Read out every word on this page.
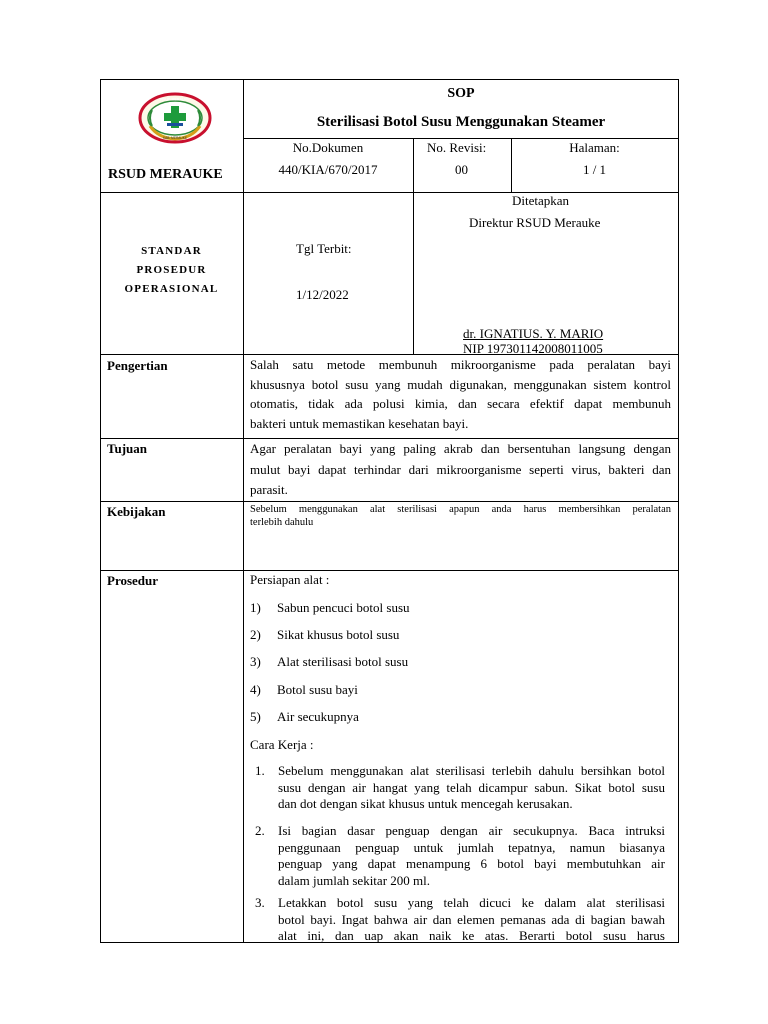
RSUD MERAUKE
KAB. MERAUKE
RSUD MERAUKE
SOP
Sterilisasi Botol Susu Menggunakan Steamer
No.Dokumen
440/KIA/670/2017
No. Revisi:
00
Halaman:
1 / 1
STANDAR
PROSEDUR
OPERASIONAL
Tgl Terbit:
1/12/2022
Ditetapkan
Direktur RSUD Merauke
dr. IGNATIUS. Y. MARIO
NIP 197301142008011005
Pengertian	Salah satu metode membunuh mikroorganisme pada peralatan bayi
khususnya botol susu yang mudah digunakan, menggunakan sistem kontrol
otomatis, tidak ada polusi kimia, dan secara efektif dapat membunuh
bakteri untuk memastikan kesehatan bayi.
Tujuan	Agar peralatan bayi yang paling akrab dan bersentuhan langsung dengan
mulut bayi dapat terhindar dari mikroorganisme seperti virus, bakteri dan
parasit.
Kebijakan	Sebelum menggunakan alat sterilisasi apapun anda harus membersihkan peralatan
terlebih dahulu
Prosedur	Persiapan alat :
1) Sabun pencuci botol susu
2) Sikat khusus botol susu
3) Alat sterilisasi botol susu
4) Botol susu bayi
5) Air secukupnya
Cara Kerja :
1. Sebelum menggunakan alat sterilisasi terlebih dahulu bersihkan botol
susu dengan air hangat yang telah dicampur sabun. Sikat botol susu
dan dot dengan sikat khusus untuk mencegah kerusakan.
2. Isi bagian dasar penguap dengan air secukupnya. Baca intruksi
penggunaan penguap untuk jumlah tepatnya, namun biasanya
penguap yang dapat menampung 6 botol bayi membutuhkan air
dalam jumlah sekitar 200 ml.
3. Letakkan botol susu yang telah dicuci ke dalam alat sterilisasi
botol bayi. Ingat bahwa air dan elemen pemanas ada di bagian bawah
alat ini, dan uap akan naik ke atas. Berarti botol susu harus
